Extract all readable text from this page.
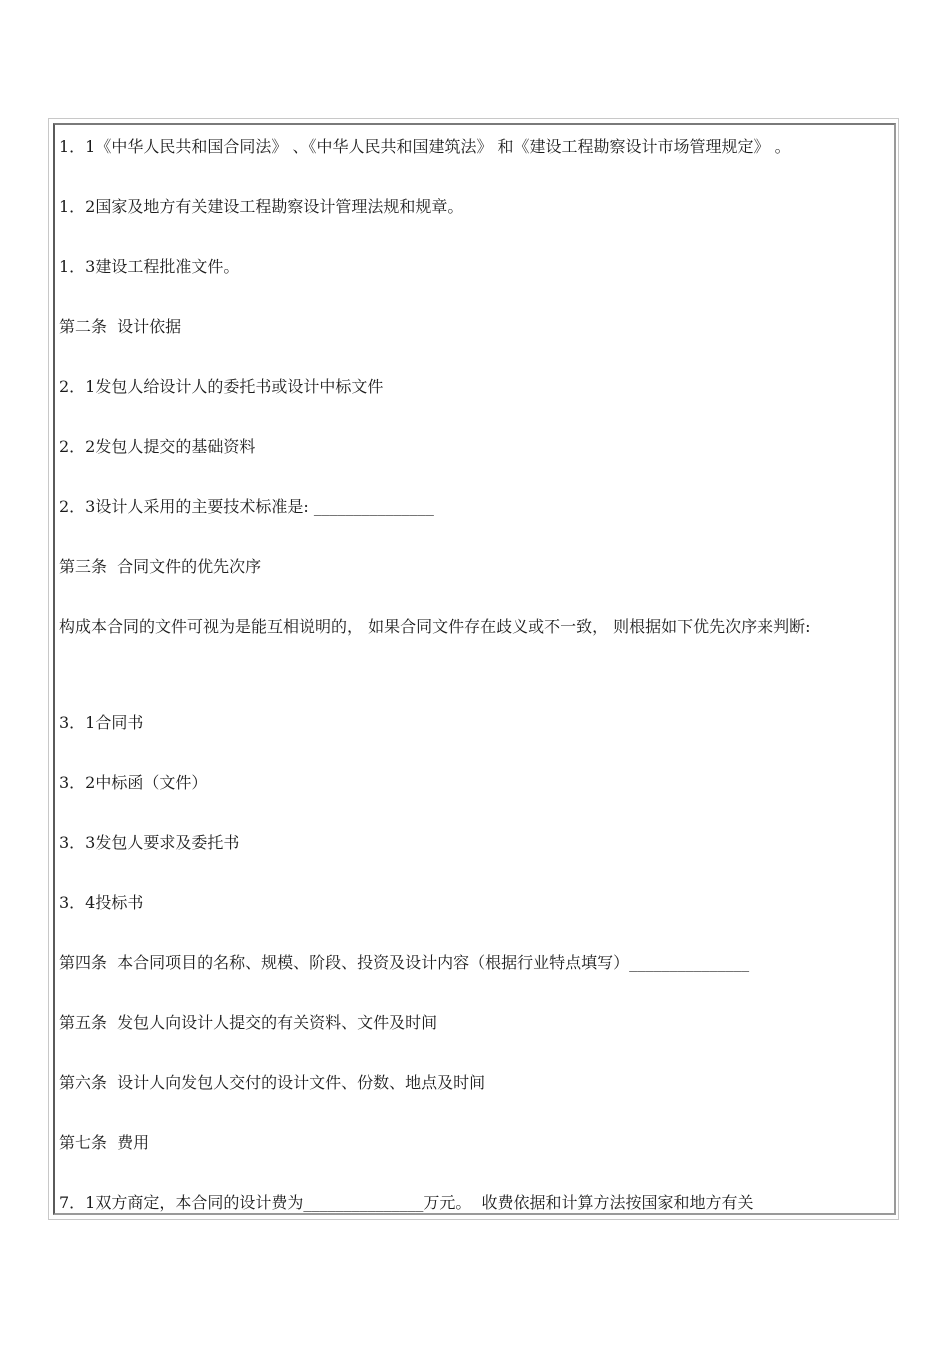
1．1《中华人民共和国合同法》 、《中华人民共和国建筑法》 和《建设工程勘察设计市场管理规定》 。
1．2国家及地方有关建设工程勘察设计管理法规和规章。
1．3建设工程批准文件。
第二条  设计依据
2．1发包人给设计人的委托书或设计中标文件
2．2发包人提交的基础资料
2．3设计人采用的主要技术标准是: _______________
第三条  合同文件的优先次序
构成本合同的文件可视为是能互相说明的， 如果合同文件存在歧义或不一致， 则根据如下优先次序来判断:
3．1合同书
3．2中标函（文件）
3．3发包人要求及委托书
3．4投标书
第四条  本合同项目的名称、规模、阶段、投资及设计内容（根据行业特点填写）_______________
第五条  发包人向设计人提交的有关资料、文件及时间
第六条  设计人向发包人交付的设计文件、份数、地点及时间
第七条  费用
7．1双方商定，本合同的设计费为_______________万元。  收费依据和计算方法按国家和地方有关
